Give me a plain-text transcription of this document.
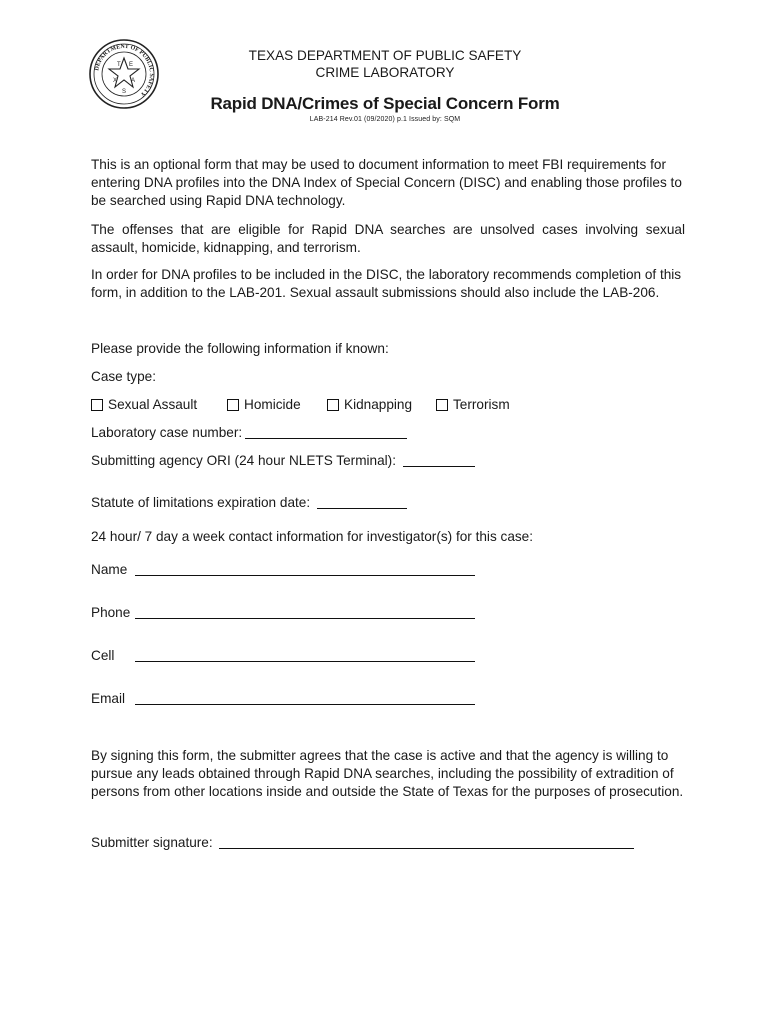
DEPARTMENT OF PUBLIC SAFETY
T E
X A
S
TEXAS DEPARTMENT OF PUBLIC SAFETY
CRIME LABORATORY
Rapid DNA/Crimes of Special Concern Form
LAB-214 Rev.01 (09/2020) p.1 Issued by: SQM

This is an optional form that may be used to document information to meet FBI requirements for entering DNA profiles into the DNA Index of Special Concern (DISC) and enabling those profiles to be searched using Rapid DNA technology.

The offenses that are eligible for Rapid DNA searches are unsolved cases involving sexual assault, homicide, kidnapping, and terrorism.

In order for DNA profiles to be included in the DISC, the laboratory recommends completion of this form, in addition to the LAB-201. Sexual assault submissions should also include the LAB-206.

Please provide the following information if known:
Case type:
Sexual Assault	Homicide	Kidnapping	Terrorism
Laboratory case number:
Submitting agency ORI (24 hour NLETS Terminal):
Statute of limitations expiration date:
24 hour/ 7 day a week contact information for investigator(s) for this case:
Name
Phone
Cell
Email

By signing this form, the submitter agrees that the case is active and that the agency is willing to pursue any leads obtained through Rapid DNA searches, including the possibility of extradition of persons from other locations inside and outside the State of Texas for the purposes of prosecution.

Submitter signature:
